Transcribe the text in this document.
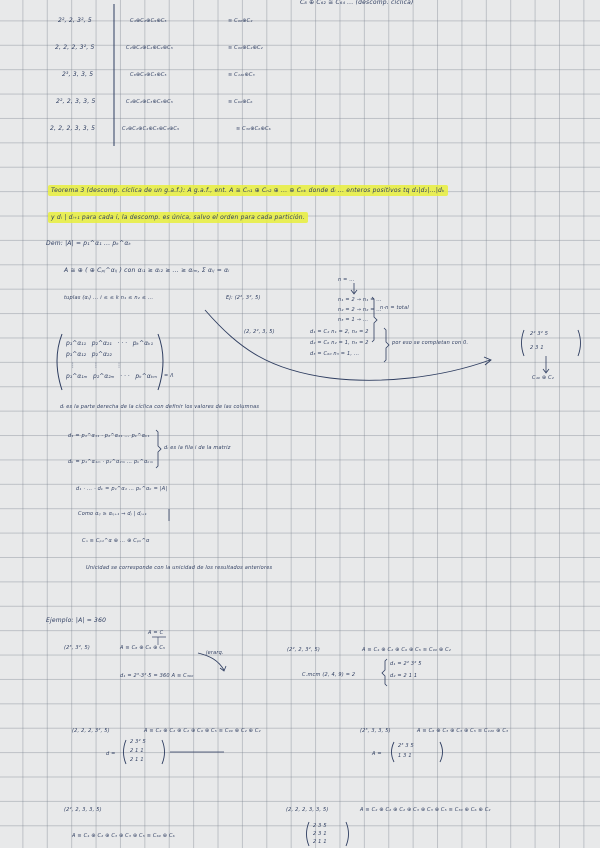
C₈ ⊕ C₆₂ ≅ C₆₄ ... (descomp. cíclica)
2², 2, 3², 5	C₄⊕C₂⊕C₉⊕C₅	≅ C₉₀⊕C₂
2, 2, 2, 3², 5	C₂⊕C₂⊕C₂⊕C₉⊕C₅	≅ C₉₀⊕C₂⊕C₂
2³, 3, 3, 5	C₈⊕C₃⊕C₃⊕C₅	≅ C₁₂₀⊕C₃
2², 2, 3, 3, 5	C₄⊕C₂⊕C₃⊕C₃⊕C₅	≅ C₆₀⊕C₆
2, 2, 2, 3, 3, 5	C₂⊕C₂⊕C₂⊕C₃⊕C₃⊕C₅	≅ C₃₀⊕C₆⊕C₆
Teorema 3 (descomp. cíclica de un g.a.f.): A g.a.f., ent. A ≅ Cₙ₁ ⊕ Cₙ₂ ⊕ ... ⊕ Cₙₖ donde dᵢ ... enteros positivos tq d₁|d₂|...|dₖ
y dᵢ | dᵢ₊₁ para cada i, la descomp. es única, salvo el orden para cada partición.
Dem: |A| = p₁^α₁ ... pₖ^αₖ
A ≅ ⊕ ( ⊕ Cₚⱼ^αᵢⱼ ) con αᵢ₁ ≥ αᵢ₂ ≥ ... ≥ αᵢₘ, Σ αᵢⱼ = αᵢ
tuplas (αᵢ) ... i ≤ ≤ k n₁ ≤ n₂ ≤ ...	Ej: (2², 3², 5)
n = ...
n₁ = 2 → n₁ = ...
n₂ = 2 → n₂ = ...
n₃ = 1 → ...
n·n = total
(2, 2², 3, 5)	d₁ = C₂ n₁ = 2, n₂ = 2
d₂ = C₆ n₂ = 1, n₃ = 2
d₃ = C₆₀ n₃ = 1, ...
por eso se completan con 0.
2² 3² 5
2 3 1
C₄₀ ⊕ C₂
p₁^α₁₁   p₂^α₂₁   · · ·   pₖ^αₖ₁
p₁^α₁₂   p₂^α₂₂
⋮         ⋮         ⋮
p₁^α₁ₘ   p₂^α₂ₘ   · · ·   pₖ^αₖₘ = Λ
dᵢ es la parte derecha de la cíclica con definir los valores de las columnas
d₁ = p₁^α₁₁ · p₂^α₂₁ ... pₖ^αₖ₁
dₖ = p₁^α₁ₘ · p₂^α₂ₘ ... pₖ^αₖₘ
dᵢ es la fila i de la matriz
d₁ · ... · dₖ = p₁^α₁ ... pₖ^αₖ = |A|
Como αᵢⱼ ≥ αᵢⱼ₊₁ ⇒ dⱼ | dⱼ₊₁
Cₙ ≅ Cₚ₁^α ⊕ ... ⊕ Cₚₖ^α
Unicidad se corresponde con la unicidad de los resultados anteriores
Ejemplo: |A| = 360
A = C
(2³, 3², 5)	A ≅ C₈ ⊕ C₉ ⊕ C₅
jerarq.
d₁ = 2³·3²·5 = 360 A ≅ C₃₆₀
(2², 2, 3², 5)	A ≅ C₄ ⊕ C₂ ⊕ C₉ ⊕ C₅ ≅ C₉₀ ⊕ C₂
C.mcm (2, 4, 9) = 2
d₁ = 2² 3² 5
d₂ = 2 1 1
(2, 2, 2, 3², 5)	A ≅ C₂ ⊕ C₂ ⊕ C₂ ⊕ C₉ ⊕ C₅ ≅ C₉₀ ⊕ C₂ ⊕ C₂
d =
2 3² 5
2 1 1
2 1 1
(2³, 3, 3, 5)	A ≅ C₈ ⊕ C₃ ⊕ C₃ ⊕ C₅ ≅ C₁₂₀ ⊕ C₃
A =
2³ 3 5
1 3 1
(2², 2, 3, 3, 5)
A ≅ C₄ ⊕ C₂ ⊕ C₃ ⊕ C₃ ⊕ C₅ ≅ C₆₀ ⊕ C₆
(2, 2, 2, 3, 3, 5)	A ≅ C₂ ⊕ C₂ ⊕ C₂ ⊕ C₃ ⊕ C₃ ⊕ C₅ ≅ C₃₀ ⊕ C₆ ⊕ C₂
2 3 5
2 3 1
2 1 1
